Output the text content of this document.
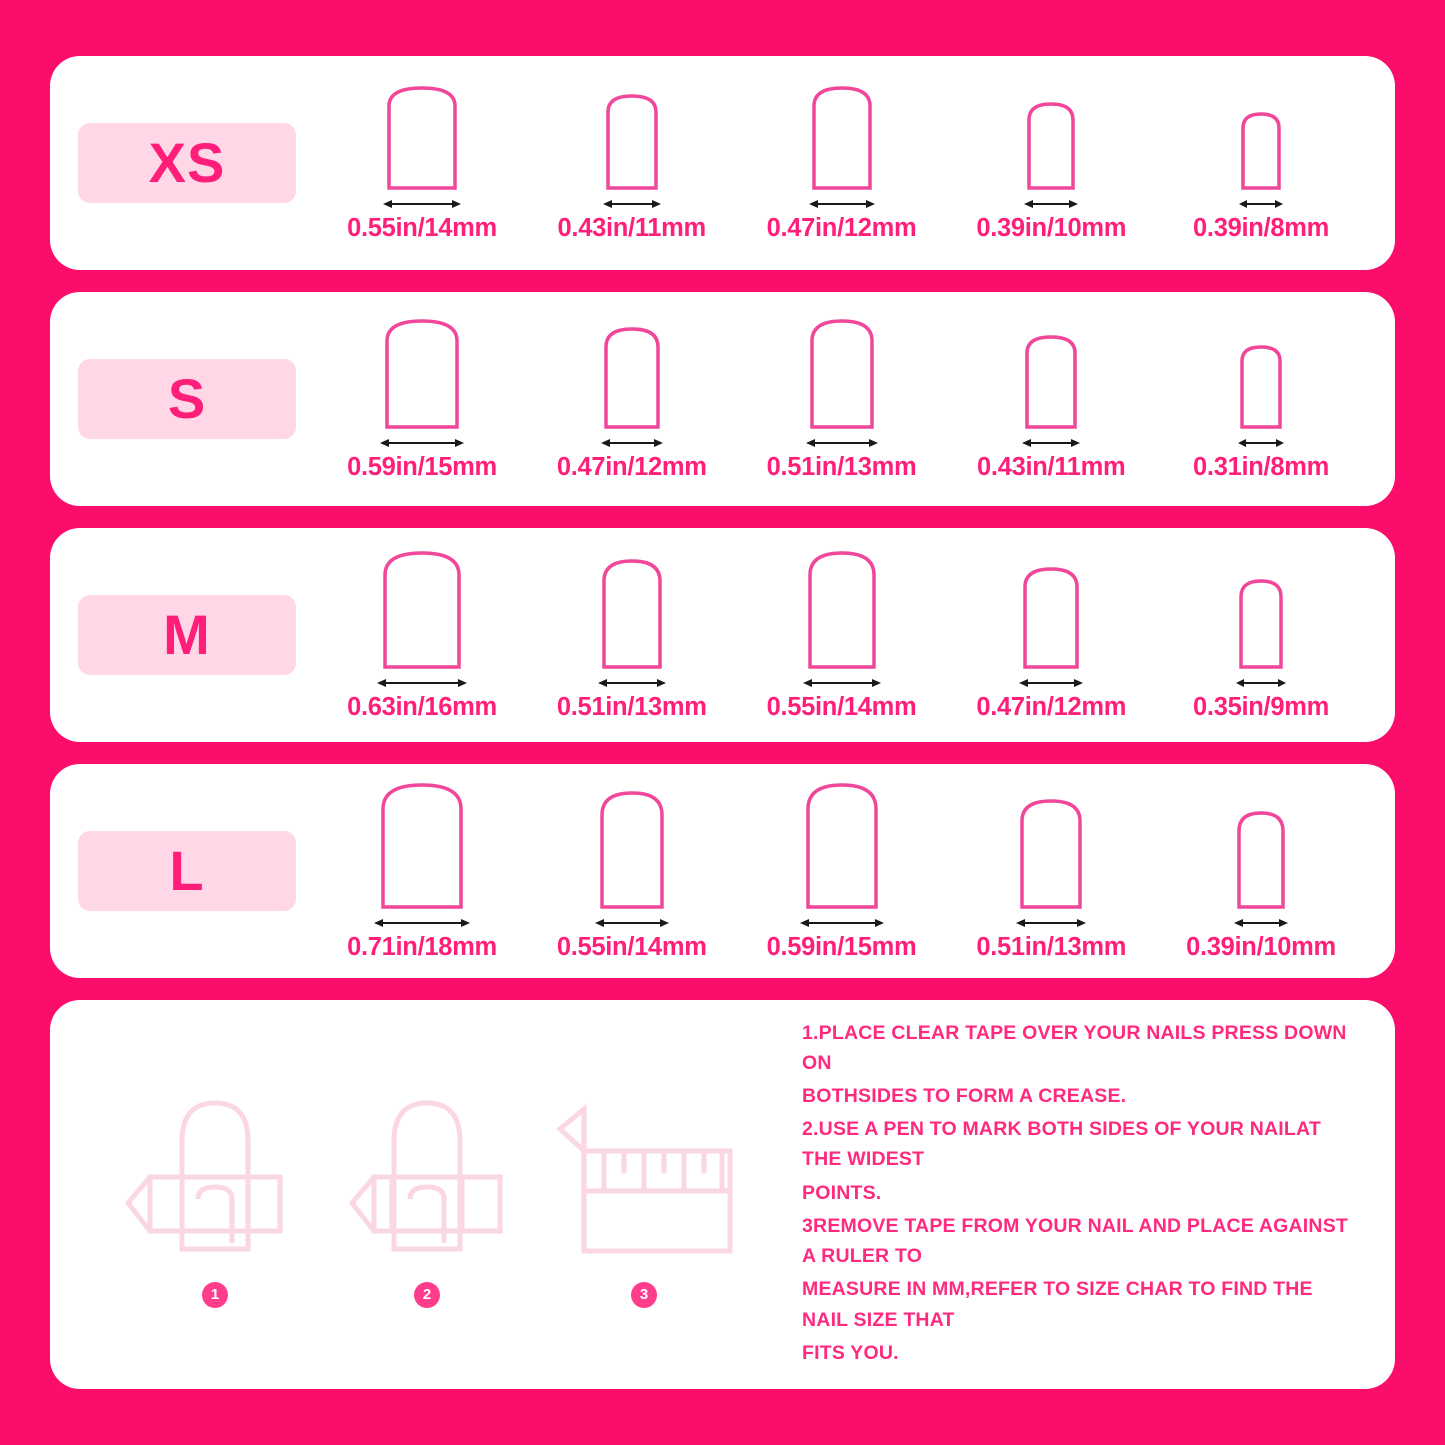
XS
0.55in/14mm 0.43in/11mm 0.47in/12mm 0.39in/10mm	0.39in/8mm
S
0.59in/15mm 0.47in/12mm 0.51in/13mm 0.43in/11mm	0.31in/8mm
M
0.63in/16mm 0.51in/13mm 0.55in/14mm 0.47in/12mm	0.35in/9mm
L
0.71in/18mm 0.55in/14mm 0.59in/15mm 0.51in/13mm 0.39in/10mm
1	2	3

1.PLACE CLEAR TAPE OVER YOUR NAILS PRESS DOWN ON

BOTHSIDES TO FORM A CREASE.

2.USE A PEN TO MARK BOTH SIDES OF YOUR NAILAT THE WIDEST

POINTS.

3REMOVE TAPE FROM YOUR NAIL AND PLACE AGAINST A RULER TO

MEASURE IN MM,REFER TO SIZE CHAR TO FIND THE NAIL SIZE THAT

FITS YOU.
